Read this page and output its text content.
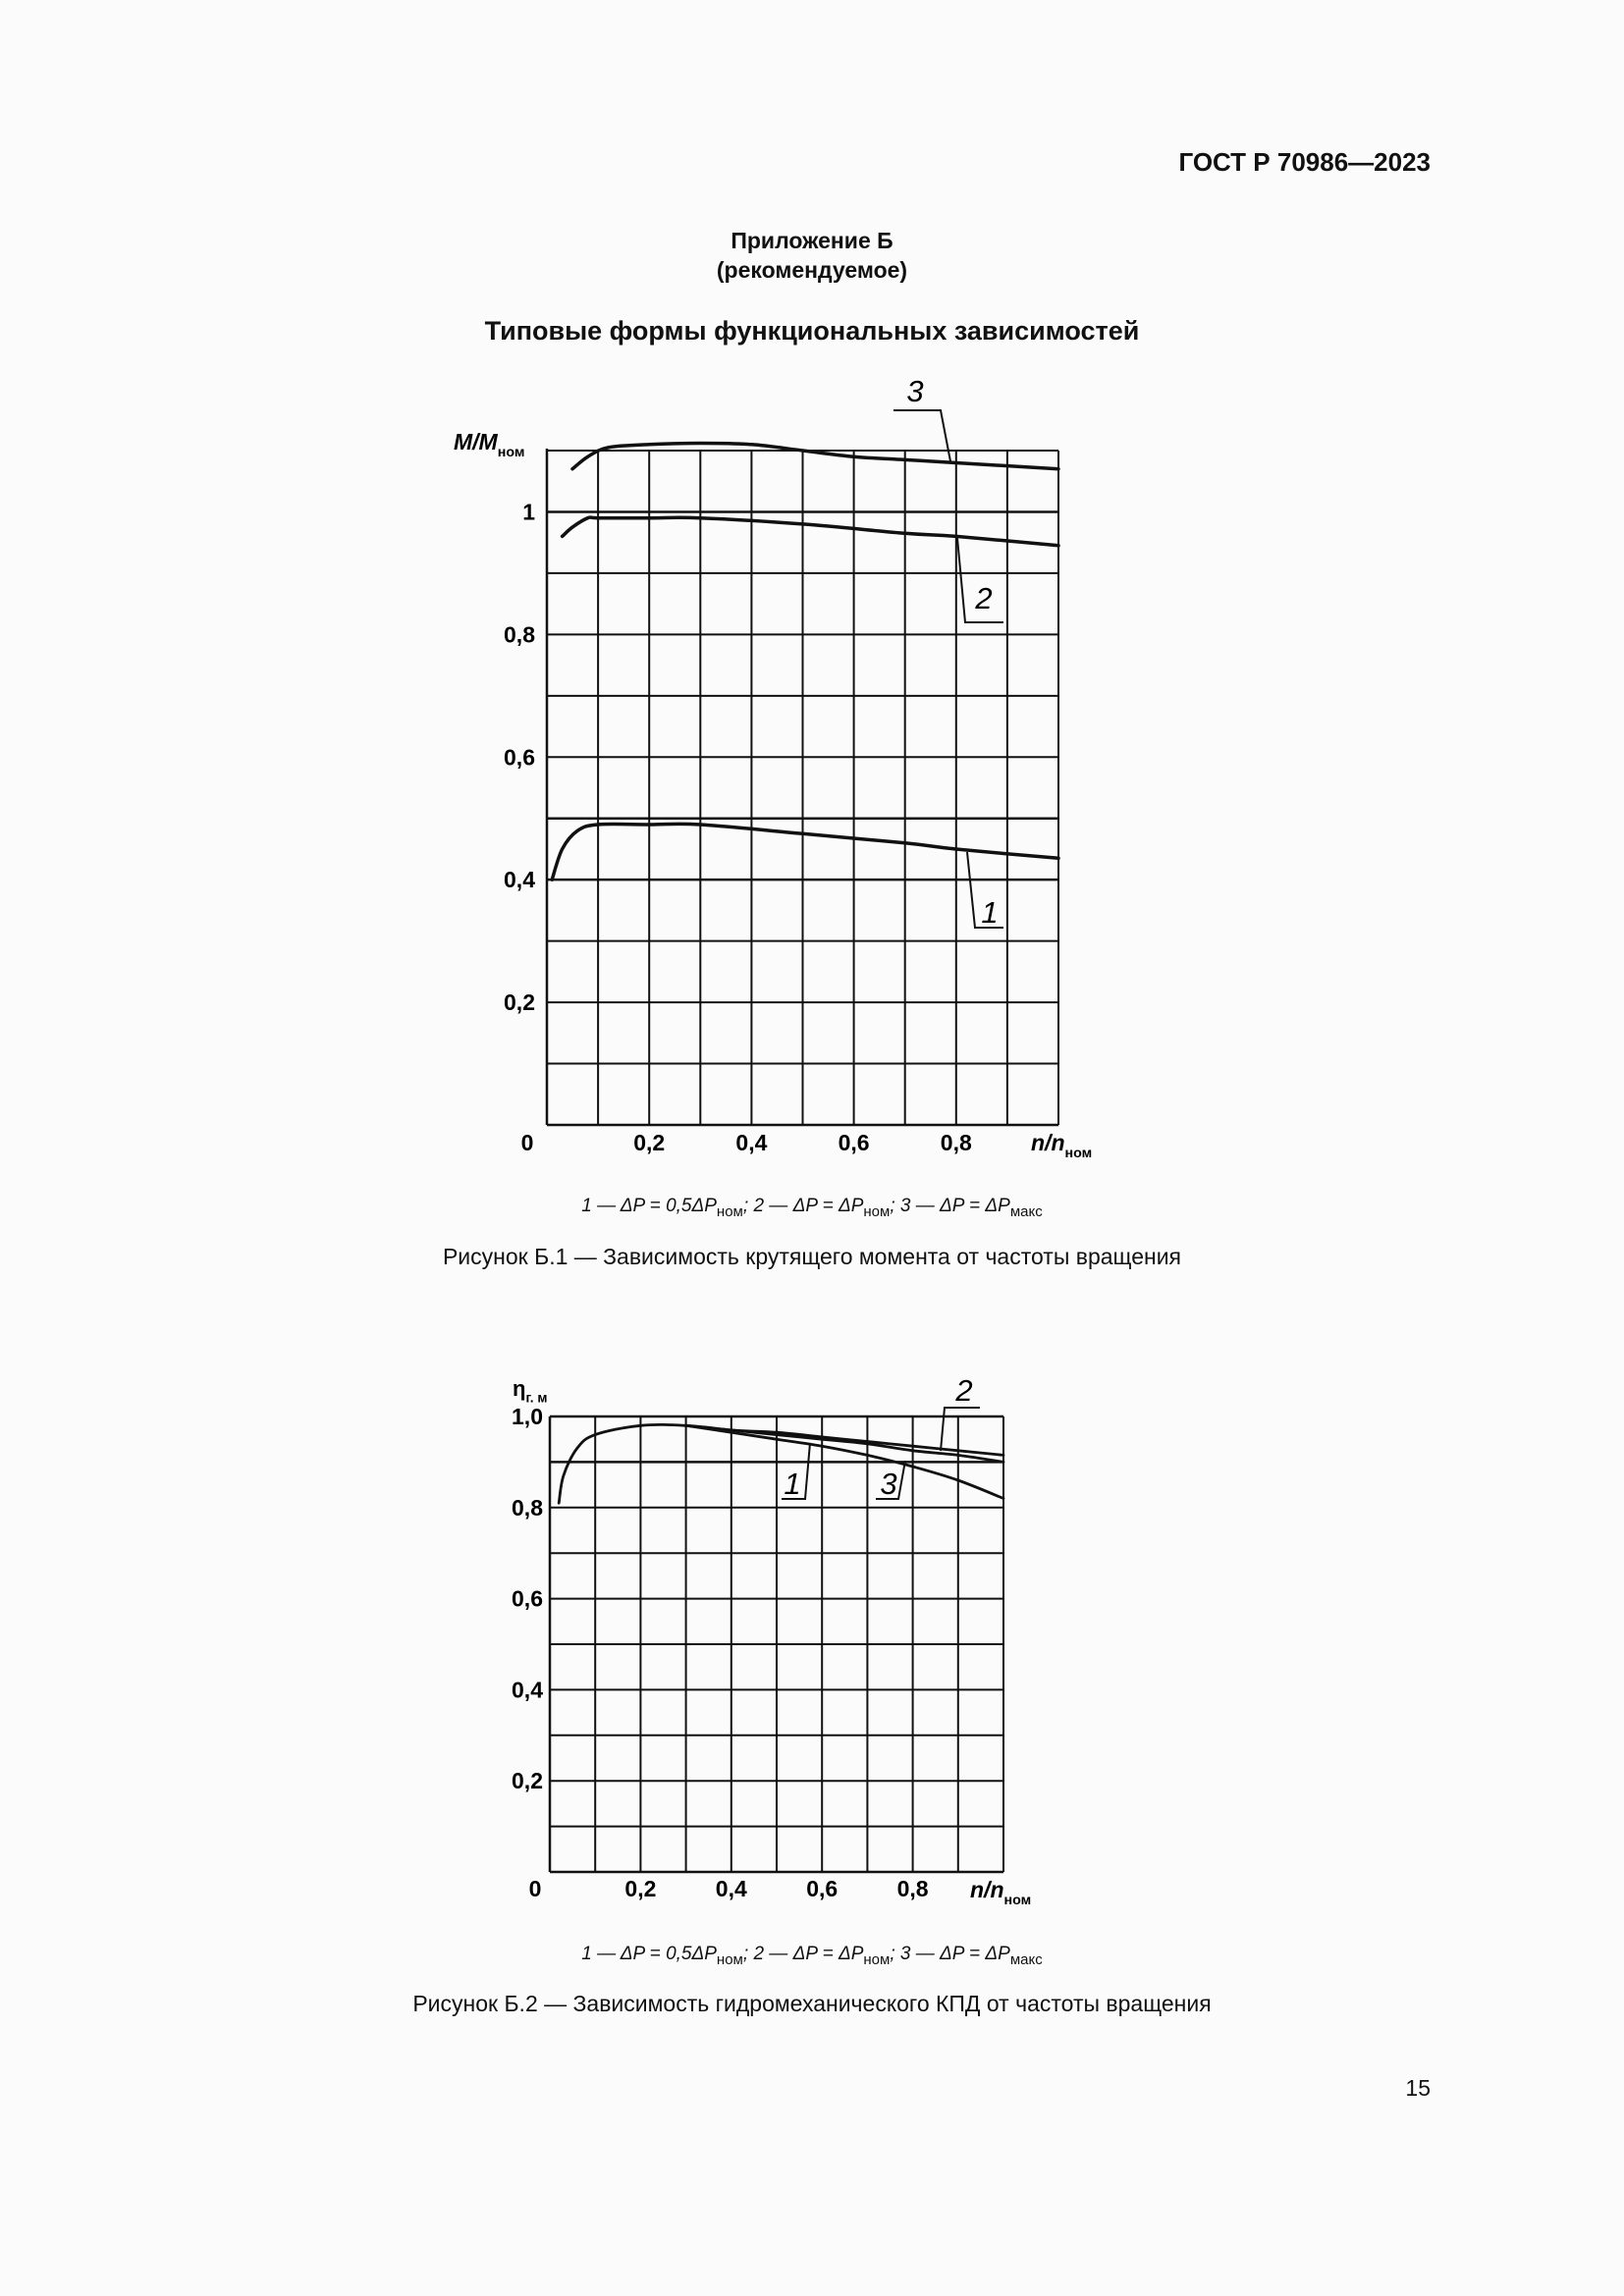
ГОСТ Р 70986—2023
Приложение Б
(рекомендуемое)
Типовые формы функциональных зависимостей
1
0,8
0,6
0,4
0,2
0,2	0,4	0,6	0,8
0
$M/M_{ном}$
$n/n_{ном}$
1
2
3
1 — $\Delta P = 0,5\Delta P_{ном}$; 2 — $\Delta P = \Delta P_{ном}$; 3 — $\Delta P = \Delta P_{макс}$
Рисунок Б.1 — Зависимость крутящего момента от частоты вращения
1,0
0,8
0,6
0,4
0,2
0,2	0,4	0,6	0,8
0
$\eta_{г. м}$
$n/n_{ном}$
1
2
3
1 — $\Delta P = 0,5\Delta P_{ном}$; 2 — $\Delta P = \Delta P_{ном}$; 3 — $\Delta P = \Delta P_{макс}$
Рисунок Б.2 — Зависимость гидромеханического КПД от частоты вращения
15
